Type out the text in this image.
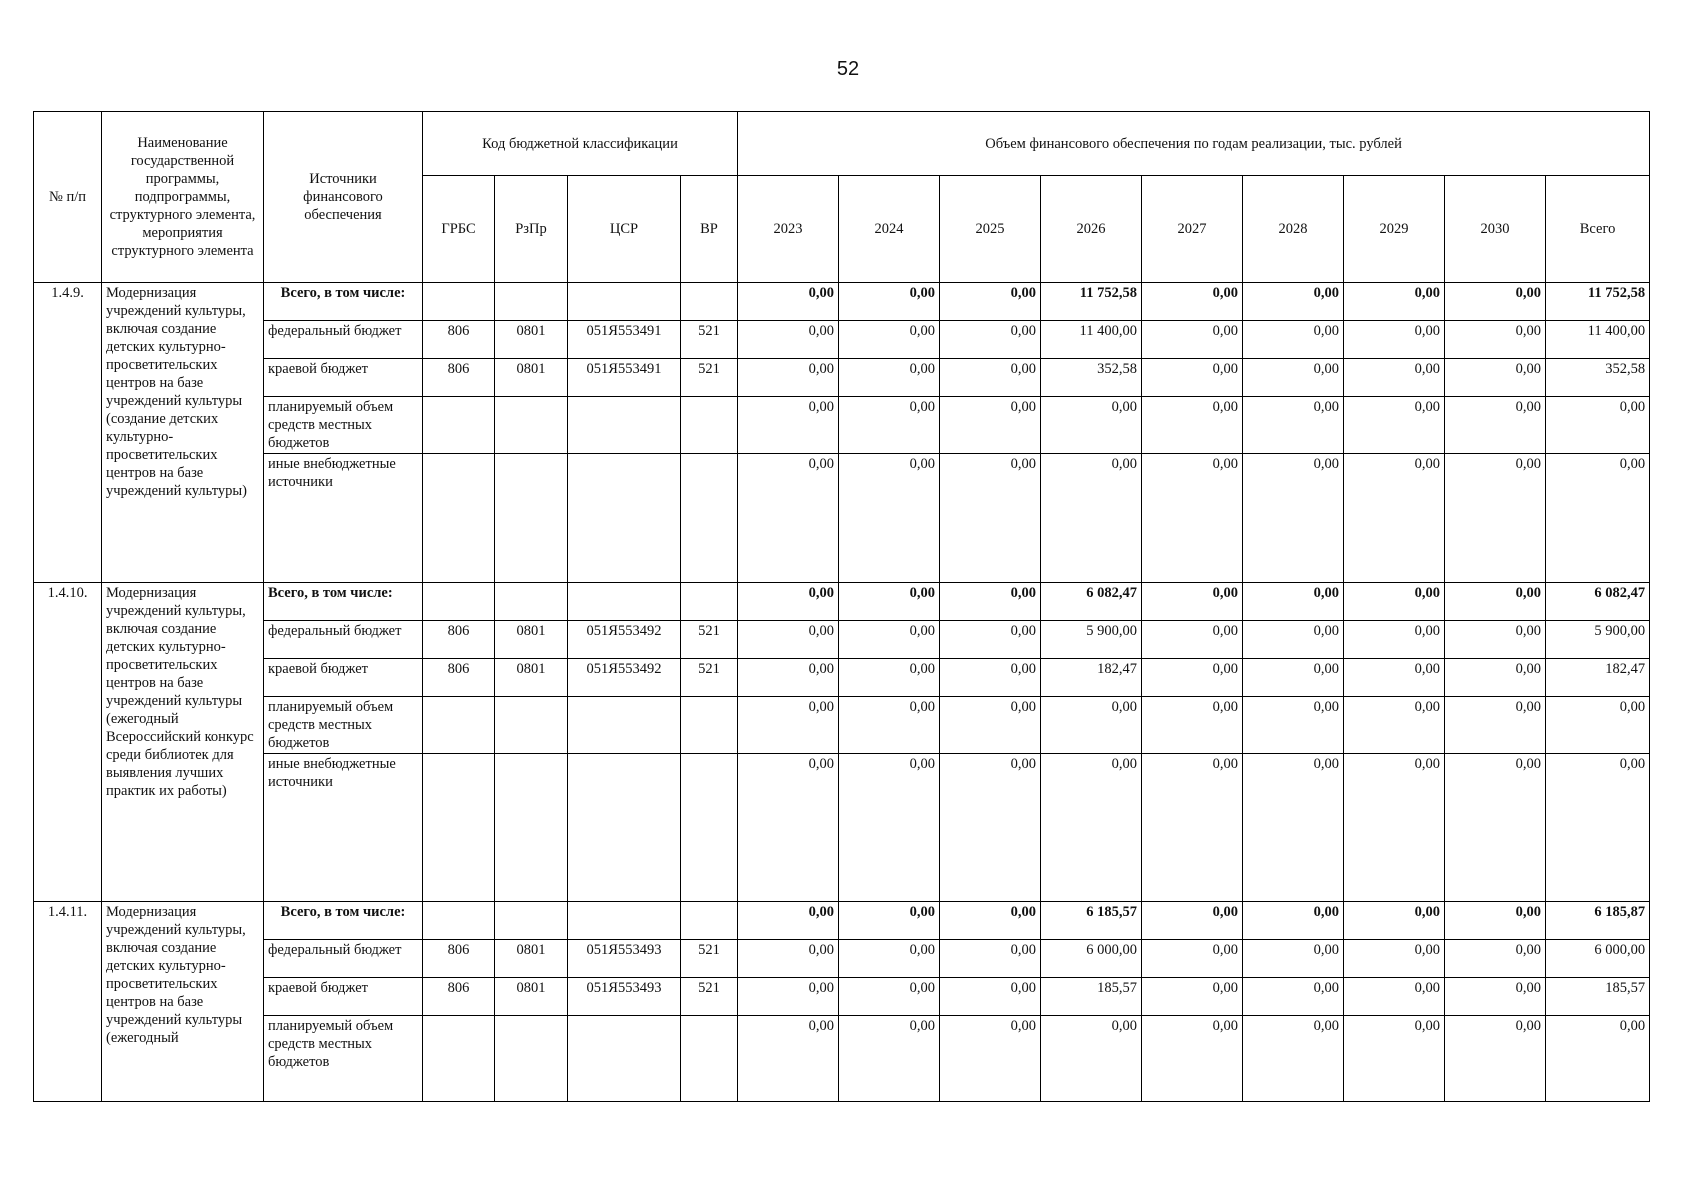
52
№ п/п	Наименование государственной программы, подпрограммы, структурного элемента, мероприятия структурного элемента	Источники финансового обеспечения	Код бюджетной классификации				Объем финансового обеспечения по годам реализации, тыс. рублей								
			ГРБС	РзПр	ЦСР	ВР	2023	2024	2025	2026	2027	2028	2029	2030	Всего
1.4.9.	Модернизация учреждений культуры, включая создание детских культурно-просветительских центров на базе учреждений культуры (создание детских культурно-просветительских центров на базе учреждений культуры)	Всего, в том числе:					0,00	0,00	0,00	11 752,58	0,00	0,00	0,00	0,00	11 752,58
		федеральный бюджет	806	0801	051Я553491	521	0,00	0,00	0,00	11 400,00	0,00	0,00	0,00	0,00	11 400,00
		краевой бюджет	806	0801	051Я553491	521	0,00	0,00	0,00	352,58	0,00	0,00	0,00	0,00	352,58
		планируемый объем средств местных бюджетов					0,00	0,00	0,00	0,00	0,00	0,00	0,00	0,00	0,00
		иные внебюджетные источники					0,00	0,00	0,00	0,00	0,00	0,00	0,00	0,00	0,00
1.4.10.	Модернизация учреждений культуры, включая создание детских культурно-просветительских центров на базе учреждений культуры (ежегодный Всероссийский конкурс среди библиотек для выявления лучших практик их работы)	Всего, в том числе:					0,00	0,00	0,00	6 082,47	0,00	0,00	0,00	0,00	6 082,47
		федеральный бюджет	806	0801	051Я553492	521	0,00	0,00	0,00	5 900,00	0,00	0,00	0,00	0,00	5 900,00
		краевой бюджет	806	0801	051Я553492	521	0,00	0,00	0,00	182,47	0,00	0,00	0,00	0,00	182,47
		планируемый объем средств местных бюджетов					0,00	0,00	0,00	0,00	0,00	0,00	0,00	0,00	0,00
		иные внебюджетные источники					0,00	0,00	0,00	0,00	0,00	0,00	0,00	0,00	0,00
1.4.11.	Модернизация учреждений культуры, включая создание детских культурно-просветительских центров на базе учреждений культуры (ежегодный	Всего, в том числе:					0,00	0,00	0,00	6 185,57	0,00	0,00	0,00	0,00	6 185,87
		федеральный бюджет	806	0801	051Я553493	521	0,00	0,00	0,00	6 000,00	0,00	0,00	0,00	0,00	6 000,00
		краевой бюджет	806	0801	051Я553493	521	0,00	0,00	0,00	185,57	0,00	0,00	0,00	0,00	185,57
		планируемый объем средств местных бюджетов					0,00	0,00	0,00	0,00	0,00	0,00	0,00	0,00	0,00
